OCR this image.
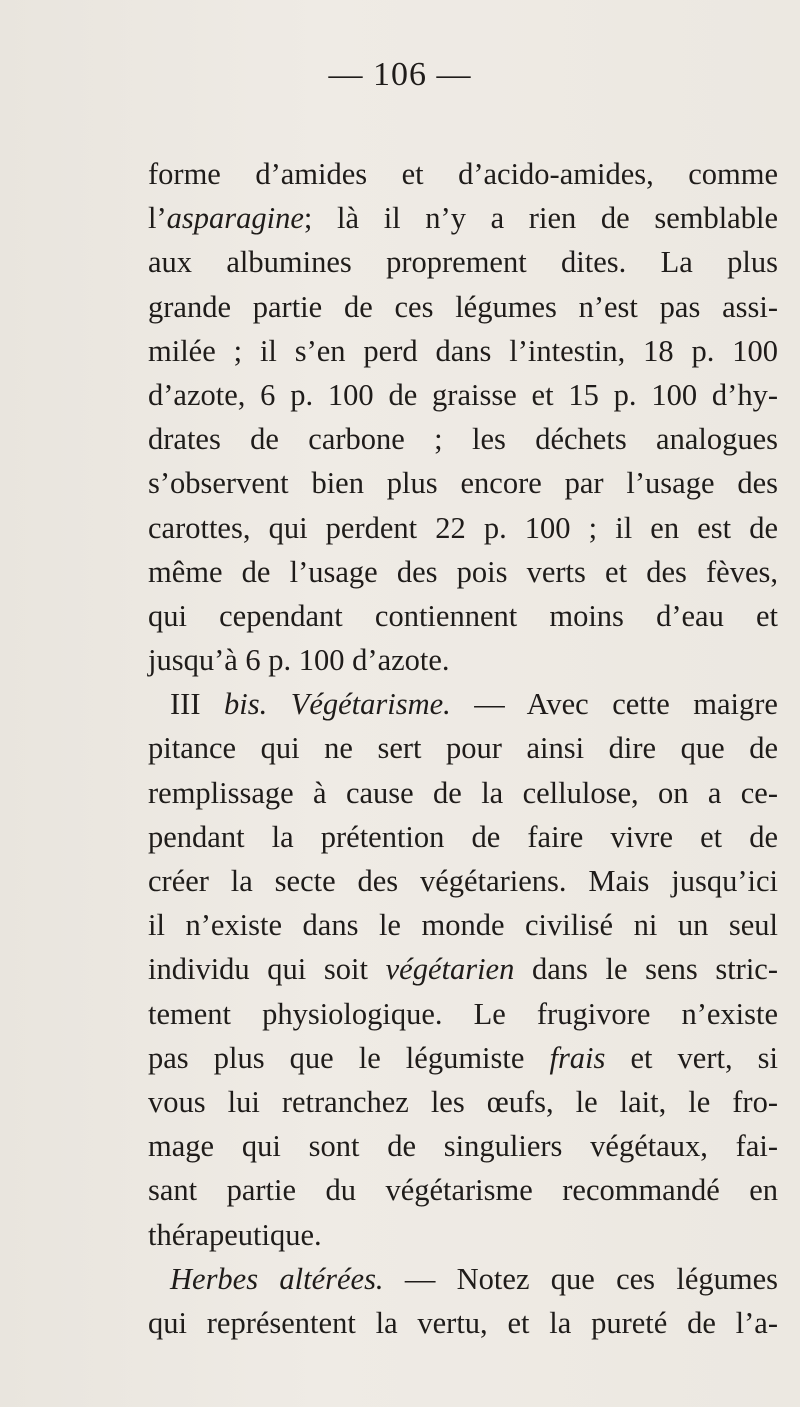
— 106 —
forme d’amides et d’acido-amides, comme
l’asparagine; là il n’y a rien de semblable
aux albumines proprement dites. La plus
grande partie de ces légumes n’est pas assi-
milée ; il s’en perd dans l’intestin, 18 p. 100
d’azote, 6 p. 100 de graisse et 15 p. 100 d’hy-
drates de carbone ; les déchets analogues
s’observent bien plus encore par l’usage des
carottes, qui perdent 22 p. 100 ; il en est de
même de l’usage des pois verts et des fèves,
qui cependant contiennent moins d’eau et
jusqu’à 6 p. 100 d’azote.
III bis. Végétarisme. — Avec cette maigre
pitance qui ne sert pour ainsi dire que de
remplissage à cause de la cellulose, on a ce-
pendant la prétention de faire vivre et de
créer la secte des végétariens. Mais jusqu’ici
il n’existe dans le monde civilisé ni un seul
individu qui soit végétarien dans le sens stric-
tement physiologique. Le frugivore n’existe
pas plus que le légumiste frais et vert, si
vous lui retranchez les œufs, le lait, le fro-
mage qui sont de singuliers végétaux, fai-
sant partie du végétarisme recommandé en
thérapeutique.
Herbes altérées. — Notez que ces légumes
qui représentent la vertu, et la pureté de l’a-
